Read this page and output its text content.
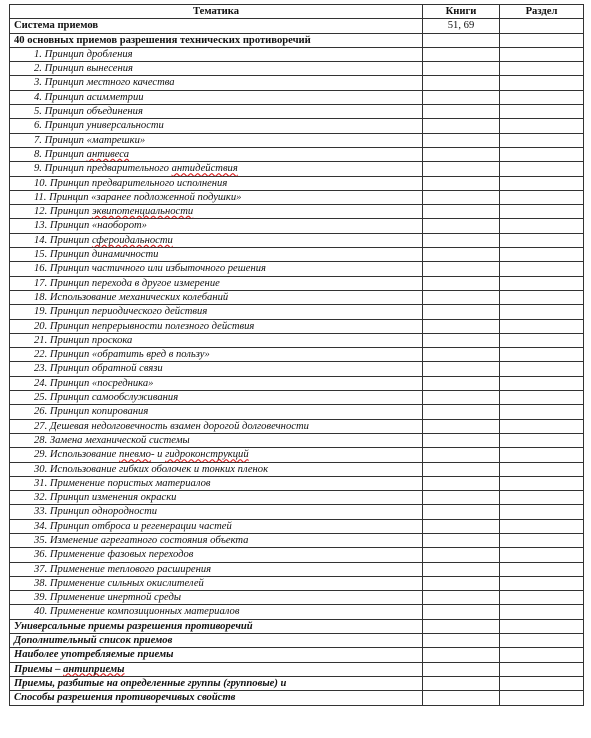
Тематика	Книги	Раздел
Система приемов	51, 69	
40 основных приемов разрешения технических противоречий		
1. Принцип дробления		
2. Принцип вынесения		
3. Принцип местного качества		
4. Принцип асимметрии		
5. Принцип объединения		
6. Принцип универсальности		
7. Принцип «матрешки»		
8. Принцип антивеса		
9. Принцип предварительного антидействия		
10. Принцип предварительного исполнения		
11. Принцип «заранее подложенной подушки»		
12. Принцип эквипотенциальности		
13. Принцип «наоборот»		
14. Принцип сфероидальности		
15. Принцип динамичности		
16. Принцип частичного или избыточного решения		
17. Принцип перехода в другое измерение		
18. Использование механических колебаний		
19. Принцип периодического действия		
20. Принцип непрерывности полезного действия		
21. Принцип проскока		
22. Принцип «обратить вред в пользу»		
23. Принцип обратной связи		
24. Принцип «посредника»		
25. Принцип самообслуживания		
26. Принцип копирования		
27. Дешевая недолговечность взамен дорогой долговечности		
28. Замена механической системы		
29. Использование пневмо- и гидроконструкций		
30. Использование гибких оболочек и тонких пленок		
31. Применение пористых материалов		
32. Принцип изменения окраски		
33. Принцип однородности		
34. Принцип отброса и регенерации частей		
35. Изменение агрегатного состояния объекта		
36. Применение фазовых переходов		
37. Применение теплового расширения		
38. Применение сильных окислителей		
39. Применение инертной среды		
40. Применение композиционных материалов		
Универсальные приемы разрешения противоречий		
Дополнительный список приемов		
Наиболее употребляемые приемы		
Приемы – антиприемы		
Приемы, разбитые на определенные группы (групповые) и		
Способы разрешения противоречивых свойств		
